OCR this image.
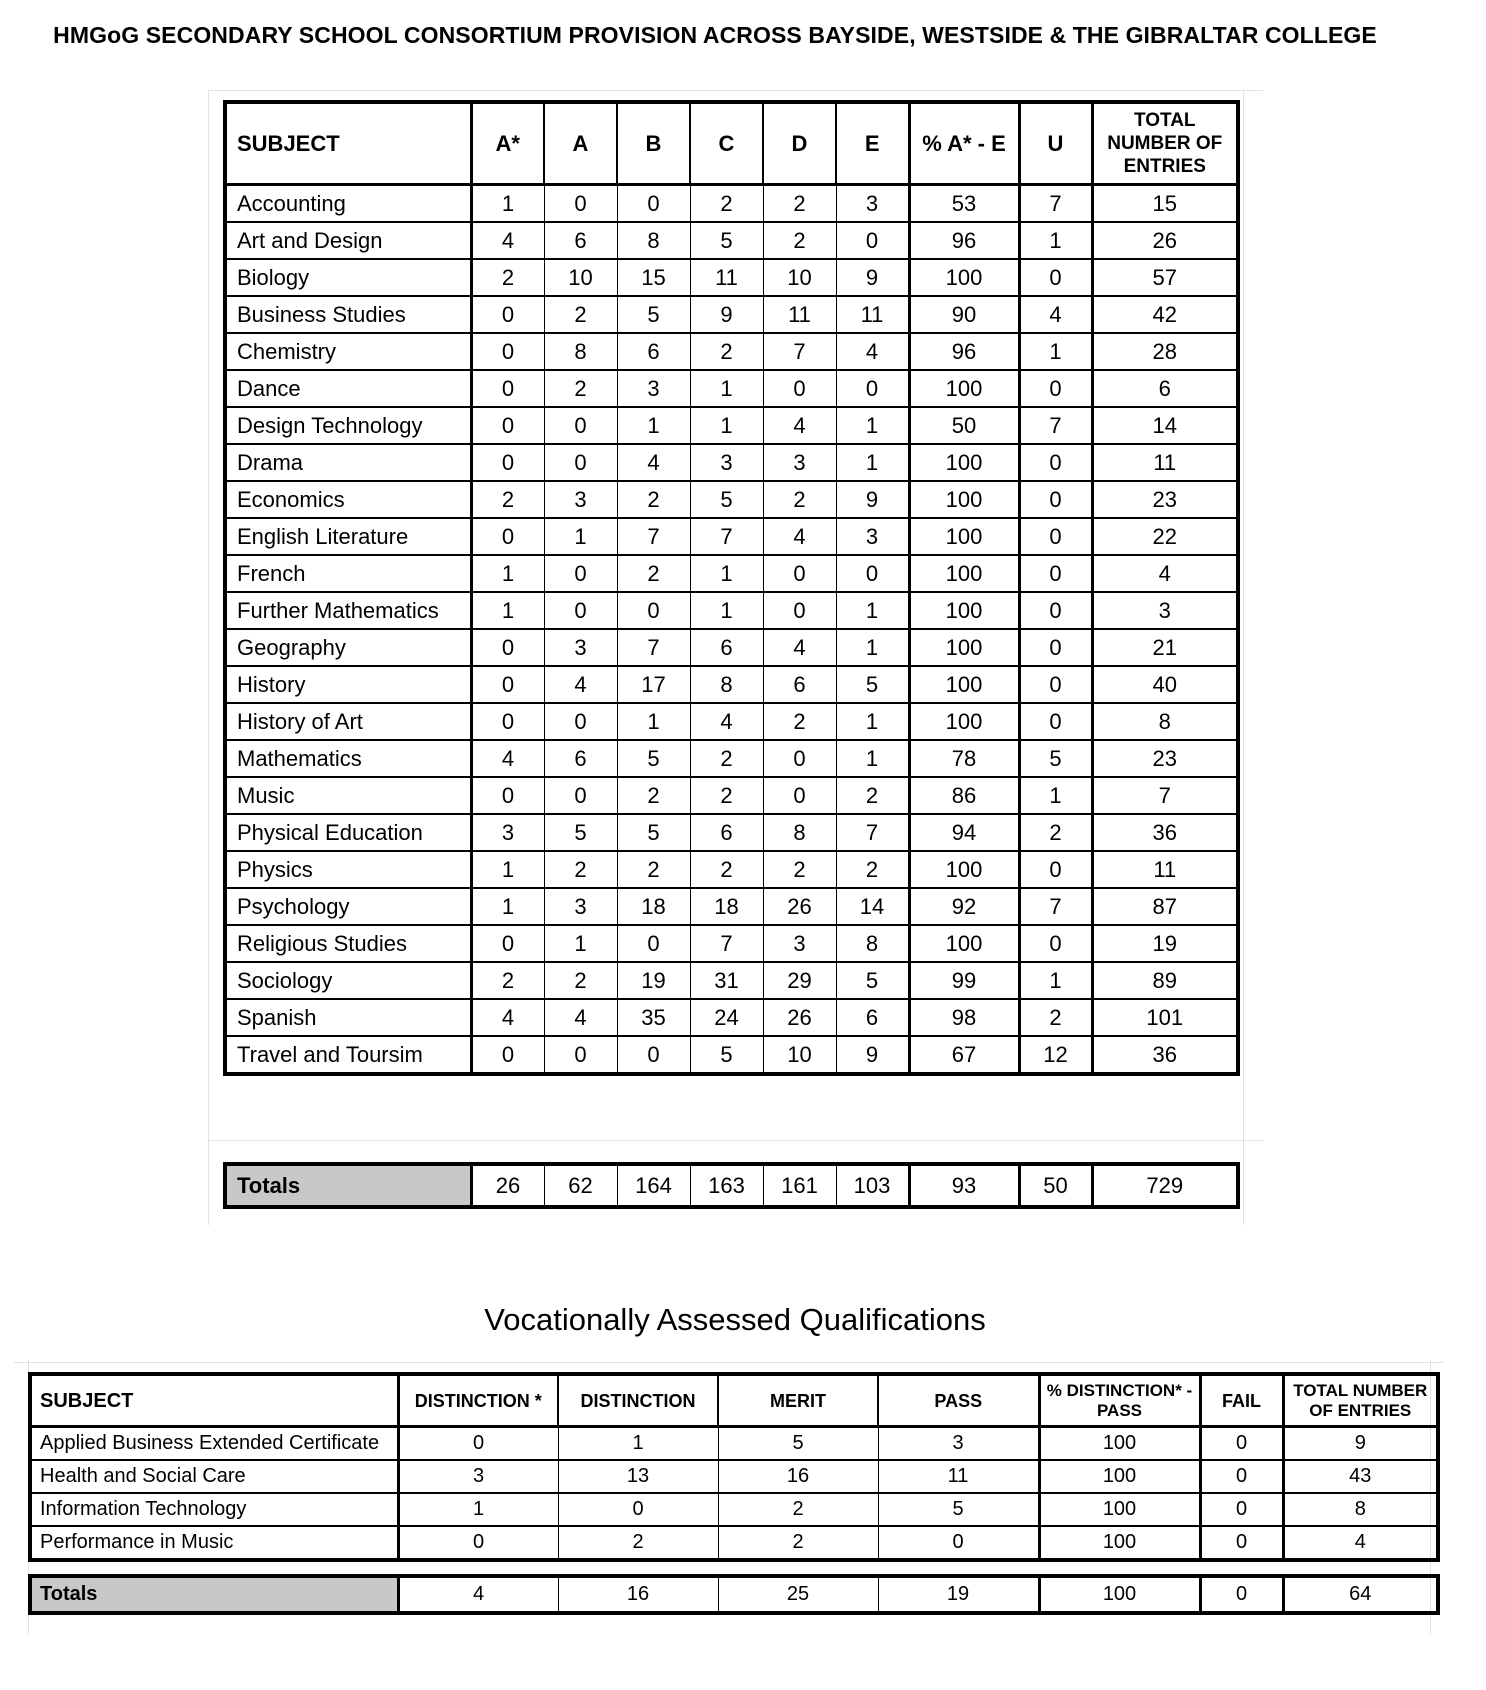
HMGoG SECONDARY SCHOOL CONSORTIUM PROVISION ACROSS BAYSIDE, WESTSIDE & THE GIBRALTAR COLLEGE
SUBJECT	A*	A	B	C	D	E	% A* - E	U	TOTAL NUMBER OF ENTRIES
Accounting	1	0	0	2	2	3	53	7	15
Art and Design	4	6	8	5	2	0	96	1	26
Biology	2	10	15	11	10	9	100	0	57
Business Studies	0	2	5	9	11	11	90	4	42
Chemistry	0	8	6	2	7	4	96	1	28
Dance	0	2	3	1	0	0	100	0	6
Design Technology	0	0	1	1	4	1	50	7	14
Drama	0	0	4	3	3	1	100	0	11
Economics	2	3	2	5	2	9	100	0	23
English Literature	0	1	7	7	4	3	100	0	22
French	1	0	2	1	0	0	100	0	4
Further Mathematics	1	0	0	1	0	1	100	0	3
Geography	0	3	7	6	4	1	100	0	21
History	0	4	17	8	6	5	100	0	40
History of Art	0	0	1	4	2	1	100	0	8
Mathematics	4	6	5	2	0	1	78	5	23
Music	0	0	2	2	0	2	86	1	7
Physical Education	3	5	5	6	8	7	94	2	36
Physics	1	2	2	2	2	2	100	0	11
Psychology	1	3	18	18	26	14	92	7	87
Religious Studies	0	1	0	7	3	8	100	0	19
Sociology	2	2	19	31	29	5	99	1	89
Spanish	4	4	35	24	26	6	98	2	101
Travel and Toursim	0	0	0	5	10	9	67	12	36
Totals	26	62	164	163	161	103	93	50	729
Vocationally Assessed Qualifications
SUBJECT	DISTINCTION *	DISTINCTION	MERIT	PASS	% DISTINCTION* - PASS	FAIL	TOTAL NUMBER OF ENTRIES
Applied Business Extended Certificate	0	1	5	3	100	0	9
Health and Social Care	3	13	16	11	100	0	43
Information Technology	1	0	2	5	100	0	8
Performance in Music	0	2	2	0	100	0	4
Totals	4	16	25	19	100	0	64
